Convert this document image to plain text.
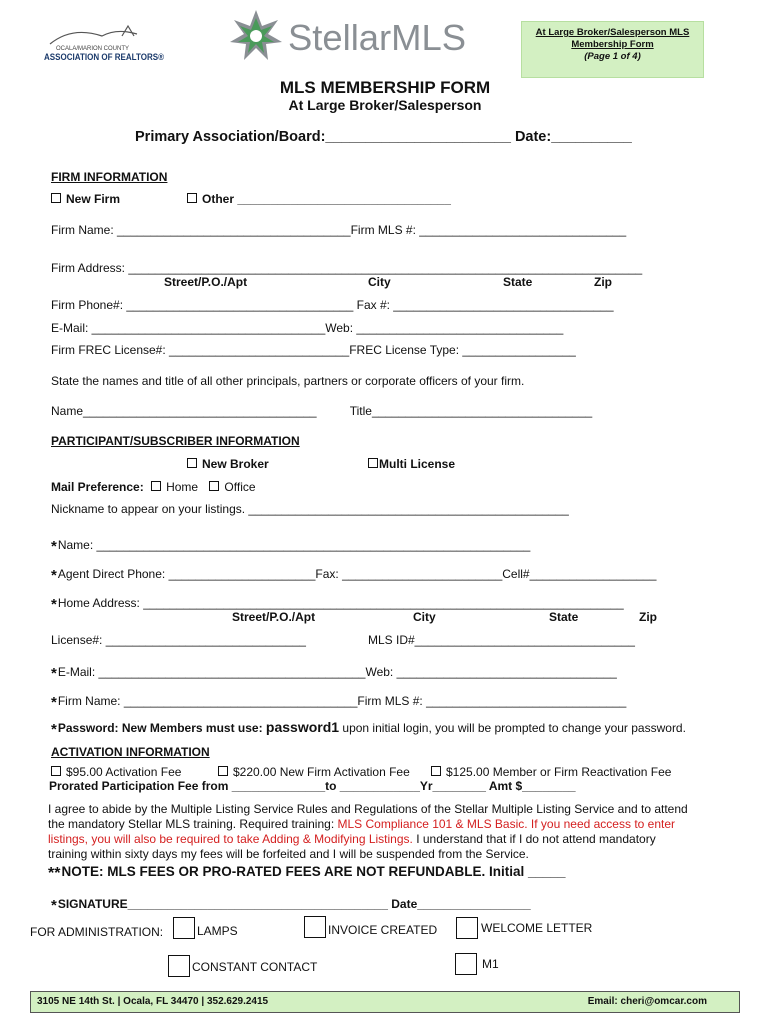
OCALA/MARION COUNTY
ASSOCIATION OF REALTORS®	StellarMLS	At Large Broker/Salesperson MLS
Membership Form
(Page 1 of 4)
MLS MEMBERSHIP FORM
At Large Broker/Salesperson
Primary Association/Board:_______________________ Date:__________
FIRM INFORMATION
New Firm	Other ________________________________
Firm Name: ___________________________________Firm MLS #: _______________________________
Firm Address: _____________________________________________________________________________
Street/P.O./Apt	City	State	Zip
Firm Phone#: __________________________________ Fax #: _________________________________
E-Mail: ___________________________________Web: _______________________________
Firm FREC License#: ___________________________FREC License Type: _________________
State the names and title of all other principals, partners or corporate officers of your firm.
Name___________________________________          Title_________________________________
PARTICIPANT/SUBSCRIBER INFORMATION
New Broker	Multi License
Mail Preference: Home Office
Nickname to appear on your listings. ________________________________________________
*Name: _________________________________________________________________
*Agent Direct Phone: ______________________Fax: ________________________Cell#___________________
*Home Address: ________________________________________________________________________
Street/P.O./Apt	City	State	Zip
License#: ______________________________	MLS ID#_________________________________
*E-Mail: ________________________________________Web: _________________________________
*Firm Name: ___________________________________Firm MLS #: ______________________________
*Password: New Members must use: password1 upon initial login, you will be prompted to change your password.
ACTIVATION INFORMATION
$95.00 Activation Fee	$220.00 New Firm Activation Fee	$125.00 Member or Firm Reactivation Fee
Prorated Participation Fee from ______________to ____________Yr________ Amt $________
I agree to abide by the Multiple Listing Service Rules and Regulations of the Stellar Multiple Listing Service and to attend
the mandatory Stellar MLS training. Required training: MLS Compliance 101 & MLS Basic. If you need access to enter
listings, you will also be required to take Adding & Modifying Listings. I understand that if I do not attend mandatory
training within sixty days my fees will be forfeited and I will be suspended from the Service.
**NOTE: MLS FEES OR PRO-RATED FEES ARE NOT REFUNDABLE. Initial _____
*SIGNATURE_______________________________________ Date_________________
FOR ADMINISTRATION:	LAMPS	INVOICE CREATED	WELCOME LETTER
CONSTANT CONTACT	M1
3105 NE 14th St. | Ocala, FL 34470 | 352.629.2415	Email: cheri@omcar.com
